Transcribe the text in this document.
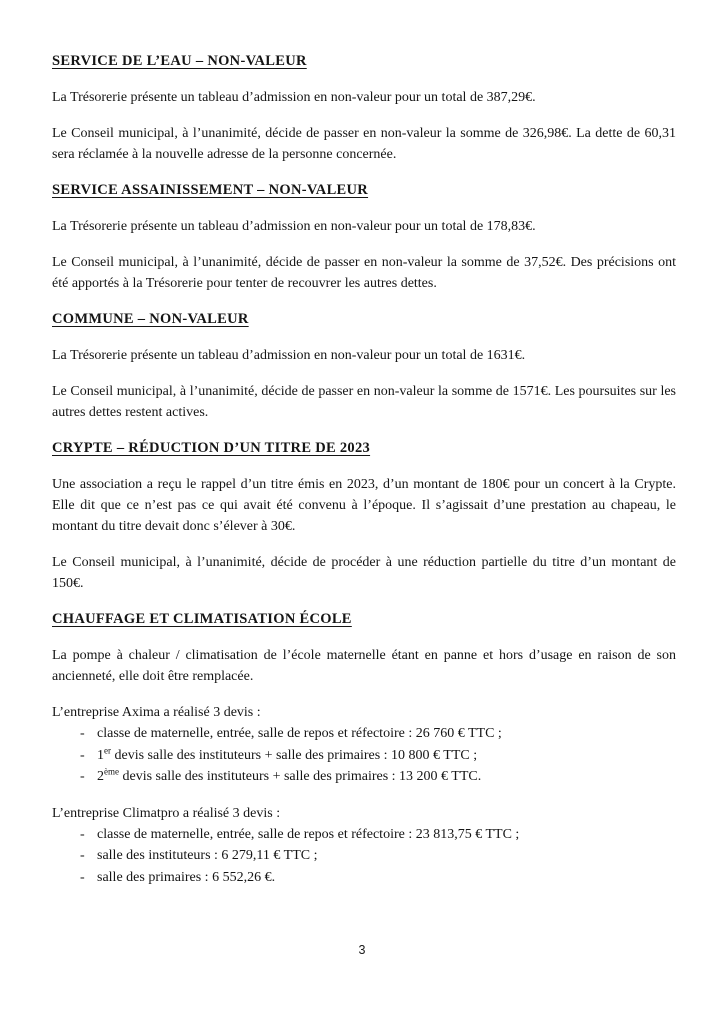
SERVICE DE L’EAU – NON-VALEUR

La Trésorerie présente un tableau d’admission en non-valeur pour un total de 387,29€.

Le Conseil municipal, à l’unanimité, décide de passer en non-valeur la somme de 326,98€. La dette de 60,31 sera réclamée à la nouvelle adresse de la personne concernée.

SERVICE ASSAINISSEMENT – NON-VALEUR

La Trésorerie présente un tableau d’admission en non-valeur pour un total de 178,83€.

Le Conseil municipal, à l’unanimité, décide de passer en non-valeur la somme de 37,52€. Des précisions ont été apportés à la Trésorerie pour tenter de recouvrer les autres dettes.

COMMUNE – NON-VALEUR

La Trésorerie présente un tableau d’admission en non-valeur pour un total de 1631€.

Le Conseil municipal, à l’unanimité, décide de passer en non-valeur la somme de 1571€. Les poursuites sur les autres dettes restent actives.

CRYPTE – RÉDUCTION D’UN TITRE DE 2023

Une association a reçu le rappel d’un titre émis en 2023, d’un montant de 180€ pour un concert à la Crypte. Elle dit que ce n’est pas ce qui avait été convenu à l’époque. Il s’agissait d’une prestation au chapeau, le montant du titre devait donc s’élever à 30€.

Le Conseil municipal, à l’unanimité, décide de procéder à une réduction partielle du titre d’un montant de 150€.

CHAUFFAGE ET CLIMATISATION ÉCOLE

La pompe à chaleur / climatisation de l’école maternelle étant en panne et hors d’usage en raison de son ancienneté, elle doit être remplacée.

L’entreprise Axima a réalisé 3 devis :

- classe de maternelle, entrée, salle de repos et réfectoire : 26 760 € TTC ;
- 1er devis salle des instituteurs + salle des primaires : 10 800 € TTC ;
- 2ème devis salle des instituteurs + salle des primaires : 13 200 € TTC.

L’entreprise Climatpro a réalisé 3 devis :

- classe de maternelle, entrée, salle de repos et réfectoire : 23 813,75 € TTC ;
- salle des instituteurs : 6 279,11 € TTC ;
- salle des primaires : 6 552,26 €.
3
